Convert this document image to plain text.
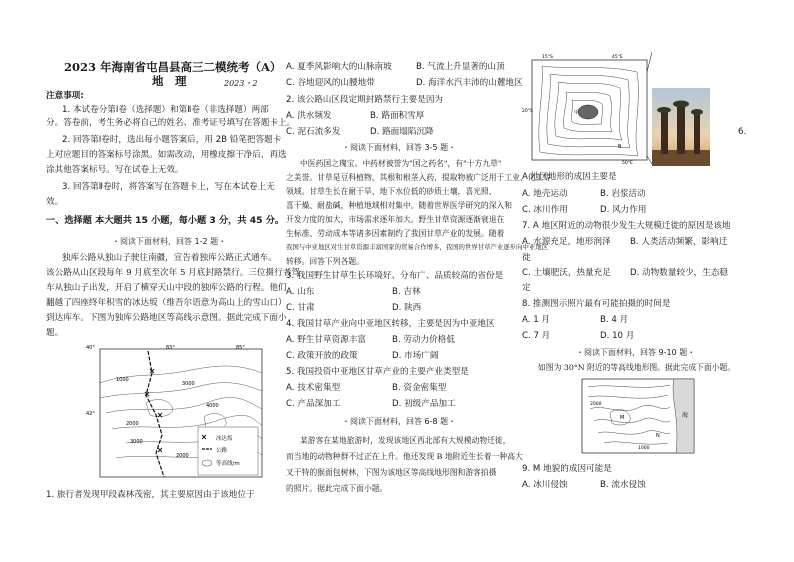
2023 年海南省屯昌县高三二模统考（A）
地　理	2023・2
注意事项:
1. 本试卷分第Ⅰ卷（选择题）和第Ⅱ卷（非选择题）两部
分。答卷前，考生务必将自己的姓名、准考证号填写在答题卡上。
2. 回答第Ⅰ卷时，选出每小题答案后，用 2B 铅笔把答题卡
上对应题目的答案标号涂黑。如需改动，用橡皮擦干净后，再选
涂其他答案标号。写在试卷上无效。
3. 回答第Ⅱ卷时，将答案写在答题卡上，写在本试卷上无
效。
一、选择题 本大题共 15 小题，每小题 3 分，共 45 分。
・阅读下面材料，回答 1-2 题・
独库公路从独山子驶往南疆，宣告着独库公路正式通车。
该公路从山区段每年 9 月底至次年 5 月底封路禁行。三位摄行者驾
车从独山子出发，开启了横穿天山中段的独库公路的行程。他们
翻越了四座终年积雪的冰达坂（维吾尔语意为高山上的雪山口）
到达库车。下图为独库公路地区等高线示意图。据此完成下面小
题。
冰达坂
公路
等高线/m
40°	85°
42°
83°
1000
3000
2000
4000
3000
2000
1. 旅行者发现甲段森林茂密，其主要原因由于该地位于
A. 夏季风影响大的山脉南坡	B. 气流上升显著的山顶
C. 谷地迎风的山腰地带	D. 海洋水汽丰沛的山麓地区
2. 该公路山区段定期封路禁行主要是因为
A. 洪水频发	B. 路面积雪厚
C. 泥石流多发	D. 路面塌陷沉降
・阅读下面材料，回答 3-5 题・
中医药国之瑰宝。中药材被誉为"国之药名"，有"十方九草"
之美誉。甘草是豆科植物，其根和根茎入药，提取物被广泛用于工业、化工等
领域。甘草生长在耐干旱、地下水位低的砂质土壤，喜光照、
喜干燥、耐盐碱，种植地域相对集中。随着世界医学研究的深入和
开发力度的加大，市场需求逐年加大。野生甘草资源逐渐衰退在
生标准、劳动成本等诸多因素制约了我国甘草产业的发展。随着
我国与中亚地区对生甘草资源丰富国家的贸易合作增多，我国的世界甘草产业逐步向中亚地区
转移。回答下列各题。
3. 我国野生甘草生长环境好、分布广、品质较高的省份是
A. 山东	B. 吉林
C. 甘肃	D. 陕西
4. 我国甘草产业向中亚地区转移，主要是因为中亚地区
A. 野生甘草资源丰富	B. 劳动力价格低
C. 政策开放的政策	D. 市场广阔
5. 我国投资中亚地区甘草产业的主要产业类型是
A. 技术密集型	B. 资金密集型
C. 产品深加工	D. 初级产品加工
・阅读下面材料，回答 6-8 题・
某游客在某地旅游时，发现该地区西北部有大规模动物迁徙，
而当地的动物种群不过正在上升。他还发现 B 地附近生长着一种高大
叉干特的猴面包树林，下图为该地区等高线地形图和游客拍摄
的照片。据此完成下面小题。
15°S	45°E
20°S
50°E
甲
B
6.
A 地区地形的成因主要是
A. 地壳运动	B. 岩浆活动
C. 冰川作用	D. 风力作用
7. A 地区附近的动物很少发生大规模迁徙的原因是该地
A. 水源充足，地形润泽 B. 人类活动频繁，影响迁
徙
C. 土壤肥沃，热量充足 D. 动物数量较少，生态稳
定
8. 推测图示照片最有可能拍摄的时间是
A. 1 月	B. 4 月
C. 7 月	D. 10 月
・阅读下面材料，回答 9-10 题・
如图为 30°N 附近的等高线地形图。据此完成下面小题。
海
M
N
2000
1000
9. M 地貌的成因可能是
A. 冰川侵蚀	B. 流水侵蚀
